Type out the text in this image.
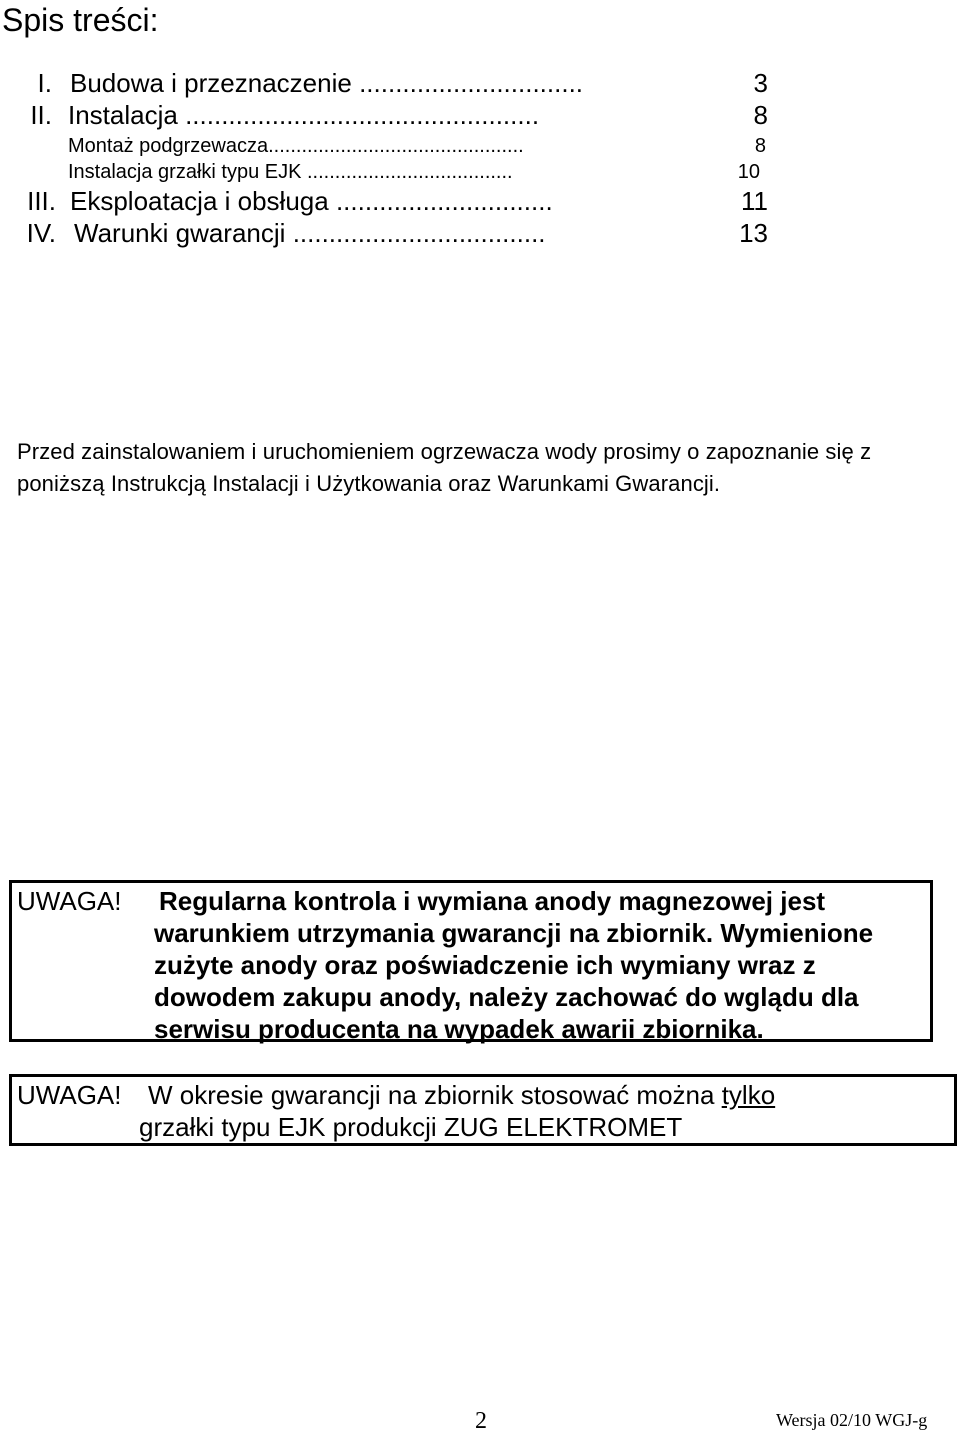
Spis treści:
I. Budowa i przeznaczenie ...............................	3
II. Instalacja .................................................	8
Montaż podgrzewacza..............................................	8
Instalacja grzałki typu EJK .....................................	10
III. Eksploatacja i obsługa ..............................	11
IV. Warunki gwarancji ...................................	13

Przed zainstalowaniem i uruchomieniem ogrzewacza wody prosimy o zapoznanie się z poniższą Instrukcją Instalacji i Użytkowania oraz Warunkami Gwarancji.

UWAGA! Regularna kontrola i wymiana anody magnezowej jest warunkiem utrzymania gwarancji na zbiornik. Wymienione zużyte anody oraz poświadczenie ich wymiany wraz z dowodem zakupu anody, należy zachować do wglądu dla serwisu producenta na wypadek awarii zbiornika.
UWAGA! W okresie gwarancji na zbiornik stosować można tylko
grzałki typu EJK produkcji ZUG ELEKTROMET
2	Wersja 02/10 WGJ-g
